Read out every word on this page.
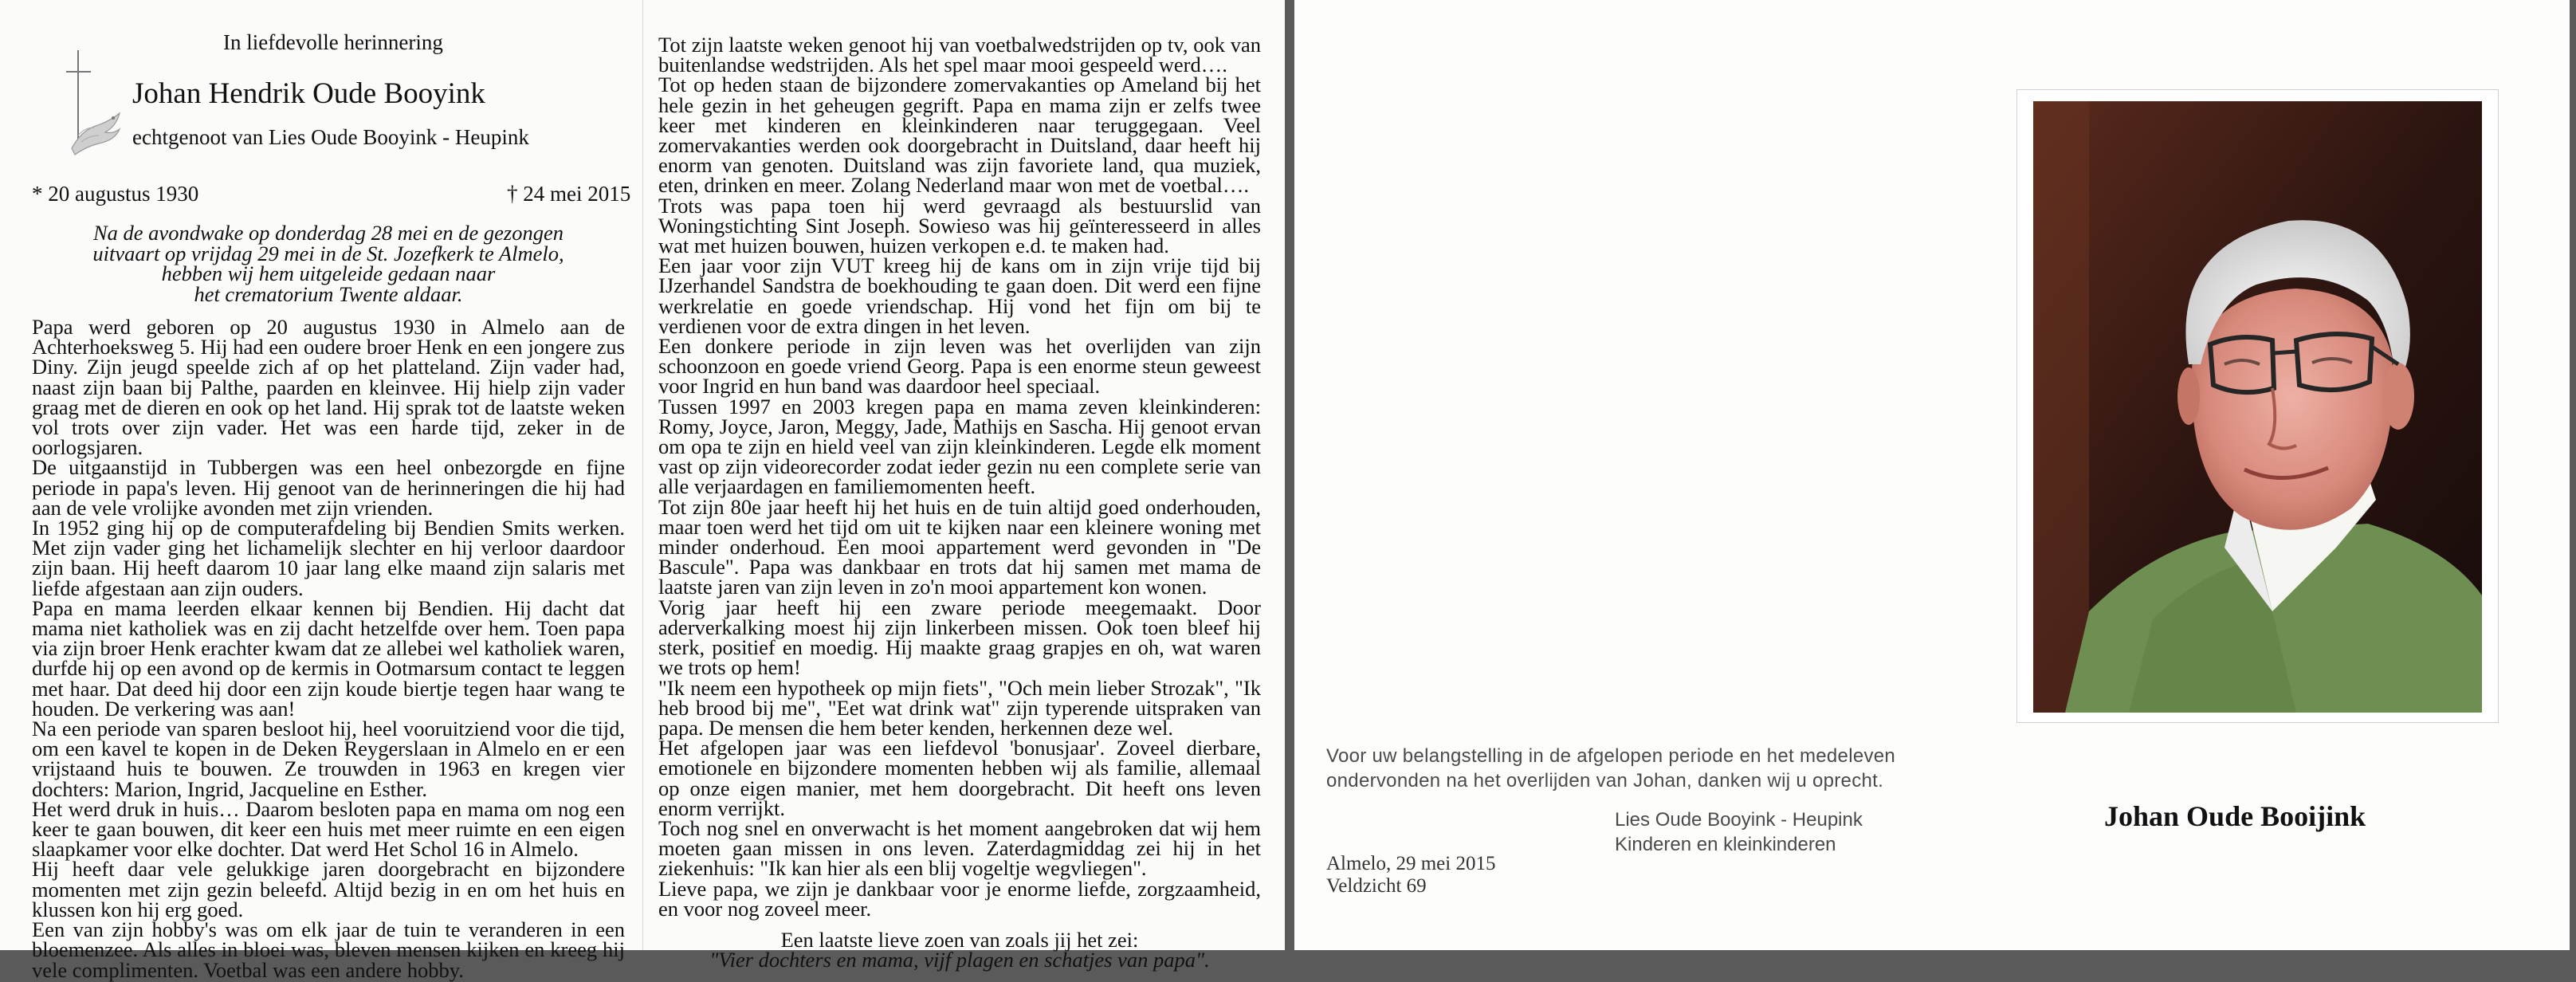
In liefdevolle herinnering
Johan Hendrik Oude Booyink
echtgenoot van Lies Oude Booyink - Heupink
* 20 augustus 1930	† 24 mei 2015
Na de avondwake op donderdag 28 mei en de gezongen
uitvaart op vrijdag 29 mei in de St. Jozefkerk te Almelo,
hebben wij hem uitgeleide gedaan naar
het crematorium Twente aldaar.

Papa werd geboren op 20 augustus 1930 in Almelo aan de Achterhoeksweg 5. Hij had een oudere broer Henk en een jongere zus Diny. Zijn jeugd speelde zich af op het platteland. Zijn vader had, naast zijn baan bij Palthe, paarden en kleinvee. Hij hielp zijn vader graag met de dieren en ook op het land. Hij sprak tot de laatste weken vol trots over zijn vader. Het was een harde tijd, zeker in de oorlogsjaren.

De uitgaanstijd in Tubbergen was een heel onbezorgde en fijne periode in papa's leven. Hij genoot van de herinneringen die hij had aan de vele vrolijke avonden met zijn vrienden.

In 1952 ging hij op de computerafdeling bij Bendien Smits werken. Met zijn vader ging het lichamelijk slechter en hij verloor daardoor zijn baan. Hij heeft daarom 10 jaar lang elke maand zijn salaris met liefde afgestaan aan zijn ouders.

Papa en mama leerden elkaar kennen bij Bendien. Hij dacht dat mama niet katholiek was en zij dacht hetzelfde over hem. Toen papa via zijn broer Henk erachter kwam dat ze allebei wel katholiek waren, durfde hij op een avond op de kermis in Ootmarsum contact te leggen met haar. Dat deed hij door een zijn koude biertje tegen haar wang te houden. De verkering was aan!

Na een periode van sparen besloot hij, heel vooruitziend voor die tijd, om een kavel te kopen in de Deken Reygerslaan in Almelo en er een vrijstaand huis te bouwen. Ze trouwden in 1963 en kregen vier dochters: Marion, Ingrid, Jacqueline en Esther.

Het werd druk in huis… Daarom besloten papa en mama om nog een keer te gaan bouwen, dit keer een huis met meer ruimte en een eigen slaapkamer voor elke dochter. Dat werd Het Schol 16 in Almelo.

Hij heeft daar vele gelukkige jaren doorgebracht en bijzondere momenten met zijn gezin beleefd. Altijd bezig in en om het huis en klussen kon hij erg goed.

Een van zijn hobby's was om elk jaar de tuin te veranderen in een bloemenzee. Als alles in bloei was, bleven mensen kijken en kreeg hij vele complimenten. Voetbal was een andere hobby.

Tot zijn laatste weken genoot hij van voetbalwedstrijden op tv, ook van buitenlandse wedstrijden. Als het spel maar mooi gespeeld werd….

Tot op heden staan de bijzondere zomervakanties op Ameland bij het hele gezin in het geheugen gegrift. Papa en mama zijn er zelfs twee keer met kinderen en kleinkinderen naar teruggegaan. Veel zomervakanties werden ook doorgebracht in Duitsland, daar heeft hij enorm van genoten. Duitsland was zijn favoriete land, qua muziek, eten, drinken en meer. Zolang Nederland maar won met de voetbal….

Trots was papa toen hij werd gevraagd als bestuurslid van Woningstichting Sint Joseph. Sowieso was hij geïnteresseerd in alles wat met huizen bouwen, huizen verkopen e.d. te maken had.

Een jaar voor zijn VUT kreeg hij de kans om in zijn vrije tijd bij IJzerhandel Sandstra de boekhouding te gaan doen. Dit werd een fijne werkrelatie en goede vriendschap. Hij vond het fijn om bij te verdienen voor de extra dingen in het leven.

Een donkere periode in zijn leven was het overlijden van zijn schoonzoon en goede vriend Georg. Papa is een enorme steun geweest voor Ingrid en hun band was daardoor heel speciaal.

Tussen 1997 en 2003 kregen papa en mama zeven kleinkinderen: Romy, Joyce, Jaron, Meggy, Jade, Mathijs en Sascha. Hij genoot ervan om opa te zijn en hield veel van zijn kleinkinderen. Legde elk moment vast op zijn videorecorder zodat ieder gezin nu een complete serie van alle verjaardagen en familiemomenten heeft.

Tot zijn 80e jaar heeft hij het huis en de tuin altijd goed onderhouden, maar toen werd het tijd om uit te kijken naar een kleinere woning met minder onderhoud. Een mooi appartement werd gevonden in "De Bascule". Papa was dankbaar en trots dat hij samen met mama de laatste jaren van zijn leven in zo'n mooi appartement kon wonen.

Vorig jaar heeft hij een zware periode meegemaakt. Door aderverkalking moest hij zijn linkerbeen missen. Ook toen bleef hij sterk, positief en moedig. Hij maakte graag grapjes en oh, wat waren we trots op hem!

"Ik neem een hypotheek op mijn fiets", "Och mein lieber Strozak", "Ik heb brood bij me", "Eet wat drink wat" zijn typerende uitspraken van papa. De mensen die hem beter kenden, herkennen deze wel.

Het afgelopen jaar was een liefdevol 'bonusjaar'. Zoveel dierbare, emotionele en bijzondere momenten hebben wij als familie, allemaal op onze eigen manier, met hem doorgebracht. Dit heeft ons leven enorm verrijkt.

Toch nog snel en onverwacht is het moment aangebroken dat wij hem moeten gaan missen in ons leven. Zaterdagmiddag zei hij in het ziekenhuis: "Ik kan hier als een blij vogeltje wegvliegen".

Lieve papa, we zijn je dankbaar voor je enorme liefde, zorgzaamheid, en voor nog zoveel meer.

Een laatste lieve zoen van zoals jij het zei:
"Vier dochters en mama, vijf plagen en schatjes van papa".
Voor uw belangstelling in de afgelopen periode en het medeleven
ondervonden na het overlijden van Johan, danken wij u oprecht.
Lies Oude Booyink - Heupink
Kinderen en kleinkinderen
Almelo, 29 mei 2015
Veldzicht 69
Johan Oude Booijink
